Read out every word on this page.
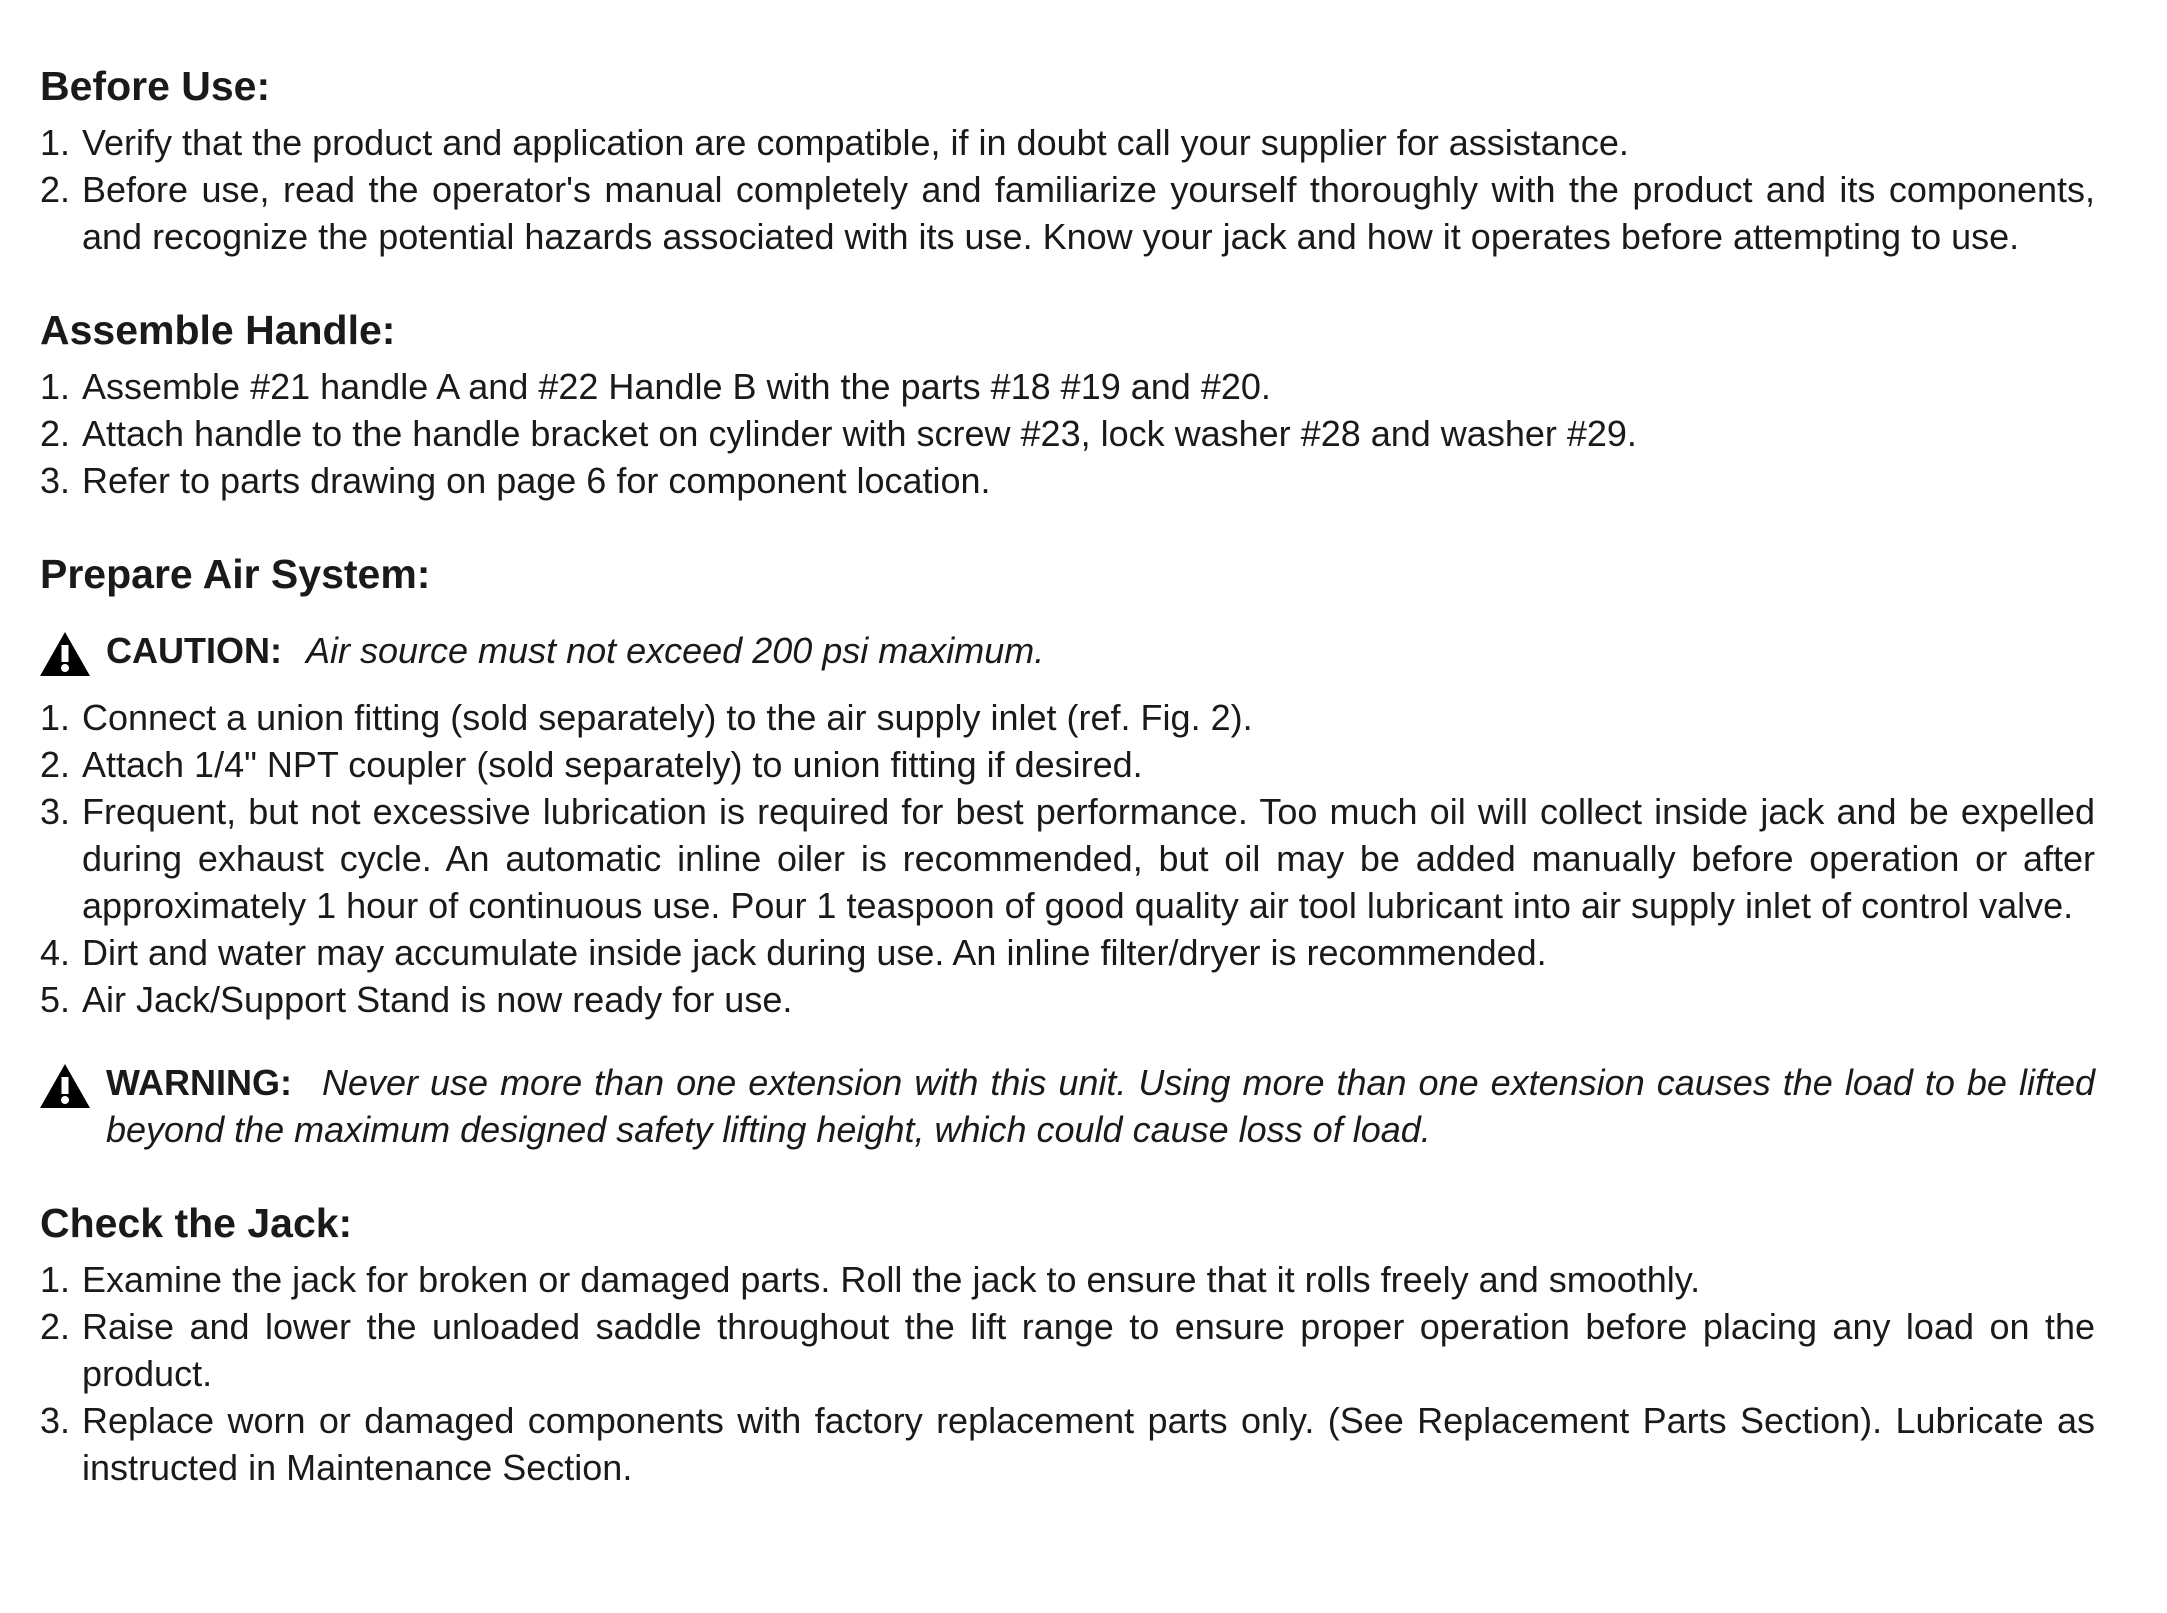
Before Use:
1. Verify that the product and application are compatible, if in doubt call your supplier for assistance.
2. Before use, read the operator's manual completely and familiarize yourself thoroughly with the product and its components, and recognize the potential hazards associated with its use. Know your jack and how it operates before attempting to use.
Assemble Handle:
1. Assemble #21 handle A and #22 Handle B with the parts #18 #19 and #20.
2. Attach handle to the handle bracket on cylinder with screw #23, lock washer #28 and washer #29.
3. Refer to parts drawing on page 6 for component location.
Prepare Air System:
CAUTION: Air source must not exceed 200 psi maximum.
1. Connect a union fitting (sold separately) to the air supply inlet (ref. Fig. 2).
2. Attach 1/4" NPT coupler (sold separately) to union fitting if desired.
3. Frequent, but not excessive lubrication is required for best performance. Too much oil will collect inside jack and be expelled during exhaust cycle. An automatic inline oiler is recommended, but oil may be added manually before operation or after approximately 1 hour of continuous use. Pour 1 teaspoon of good quality air tool lubricant into air supply inlet of control valve.
4. Dirt and water may accumulate inside jack during use. An inline filter/dryer is recommended.
5. Air Jack/Support Stand is now ready for use.
WARNING: Never use more than one extension with this unit. Using more than one extension causes the load to be lifted beyond the maximum designed safety lifting height, which could cause loss of load.
Check the Jack:
1. Examine the jack for broken or damaged parts. Roll the jack to ensure that it rolls freely and smoothly.
2. Raise and lower the unloaded saddle throughout the lift range to ensure proper operation before placing any load on the product.
3. Replace worn or damaged components with factory replacement parts only. (See Replacement Parts Section). Lubricate as instructed in Maintenance Section.
